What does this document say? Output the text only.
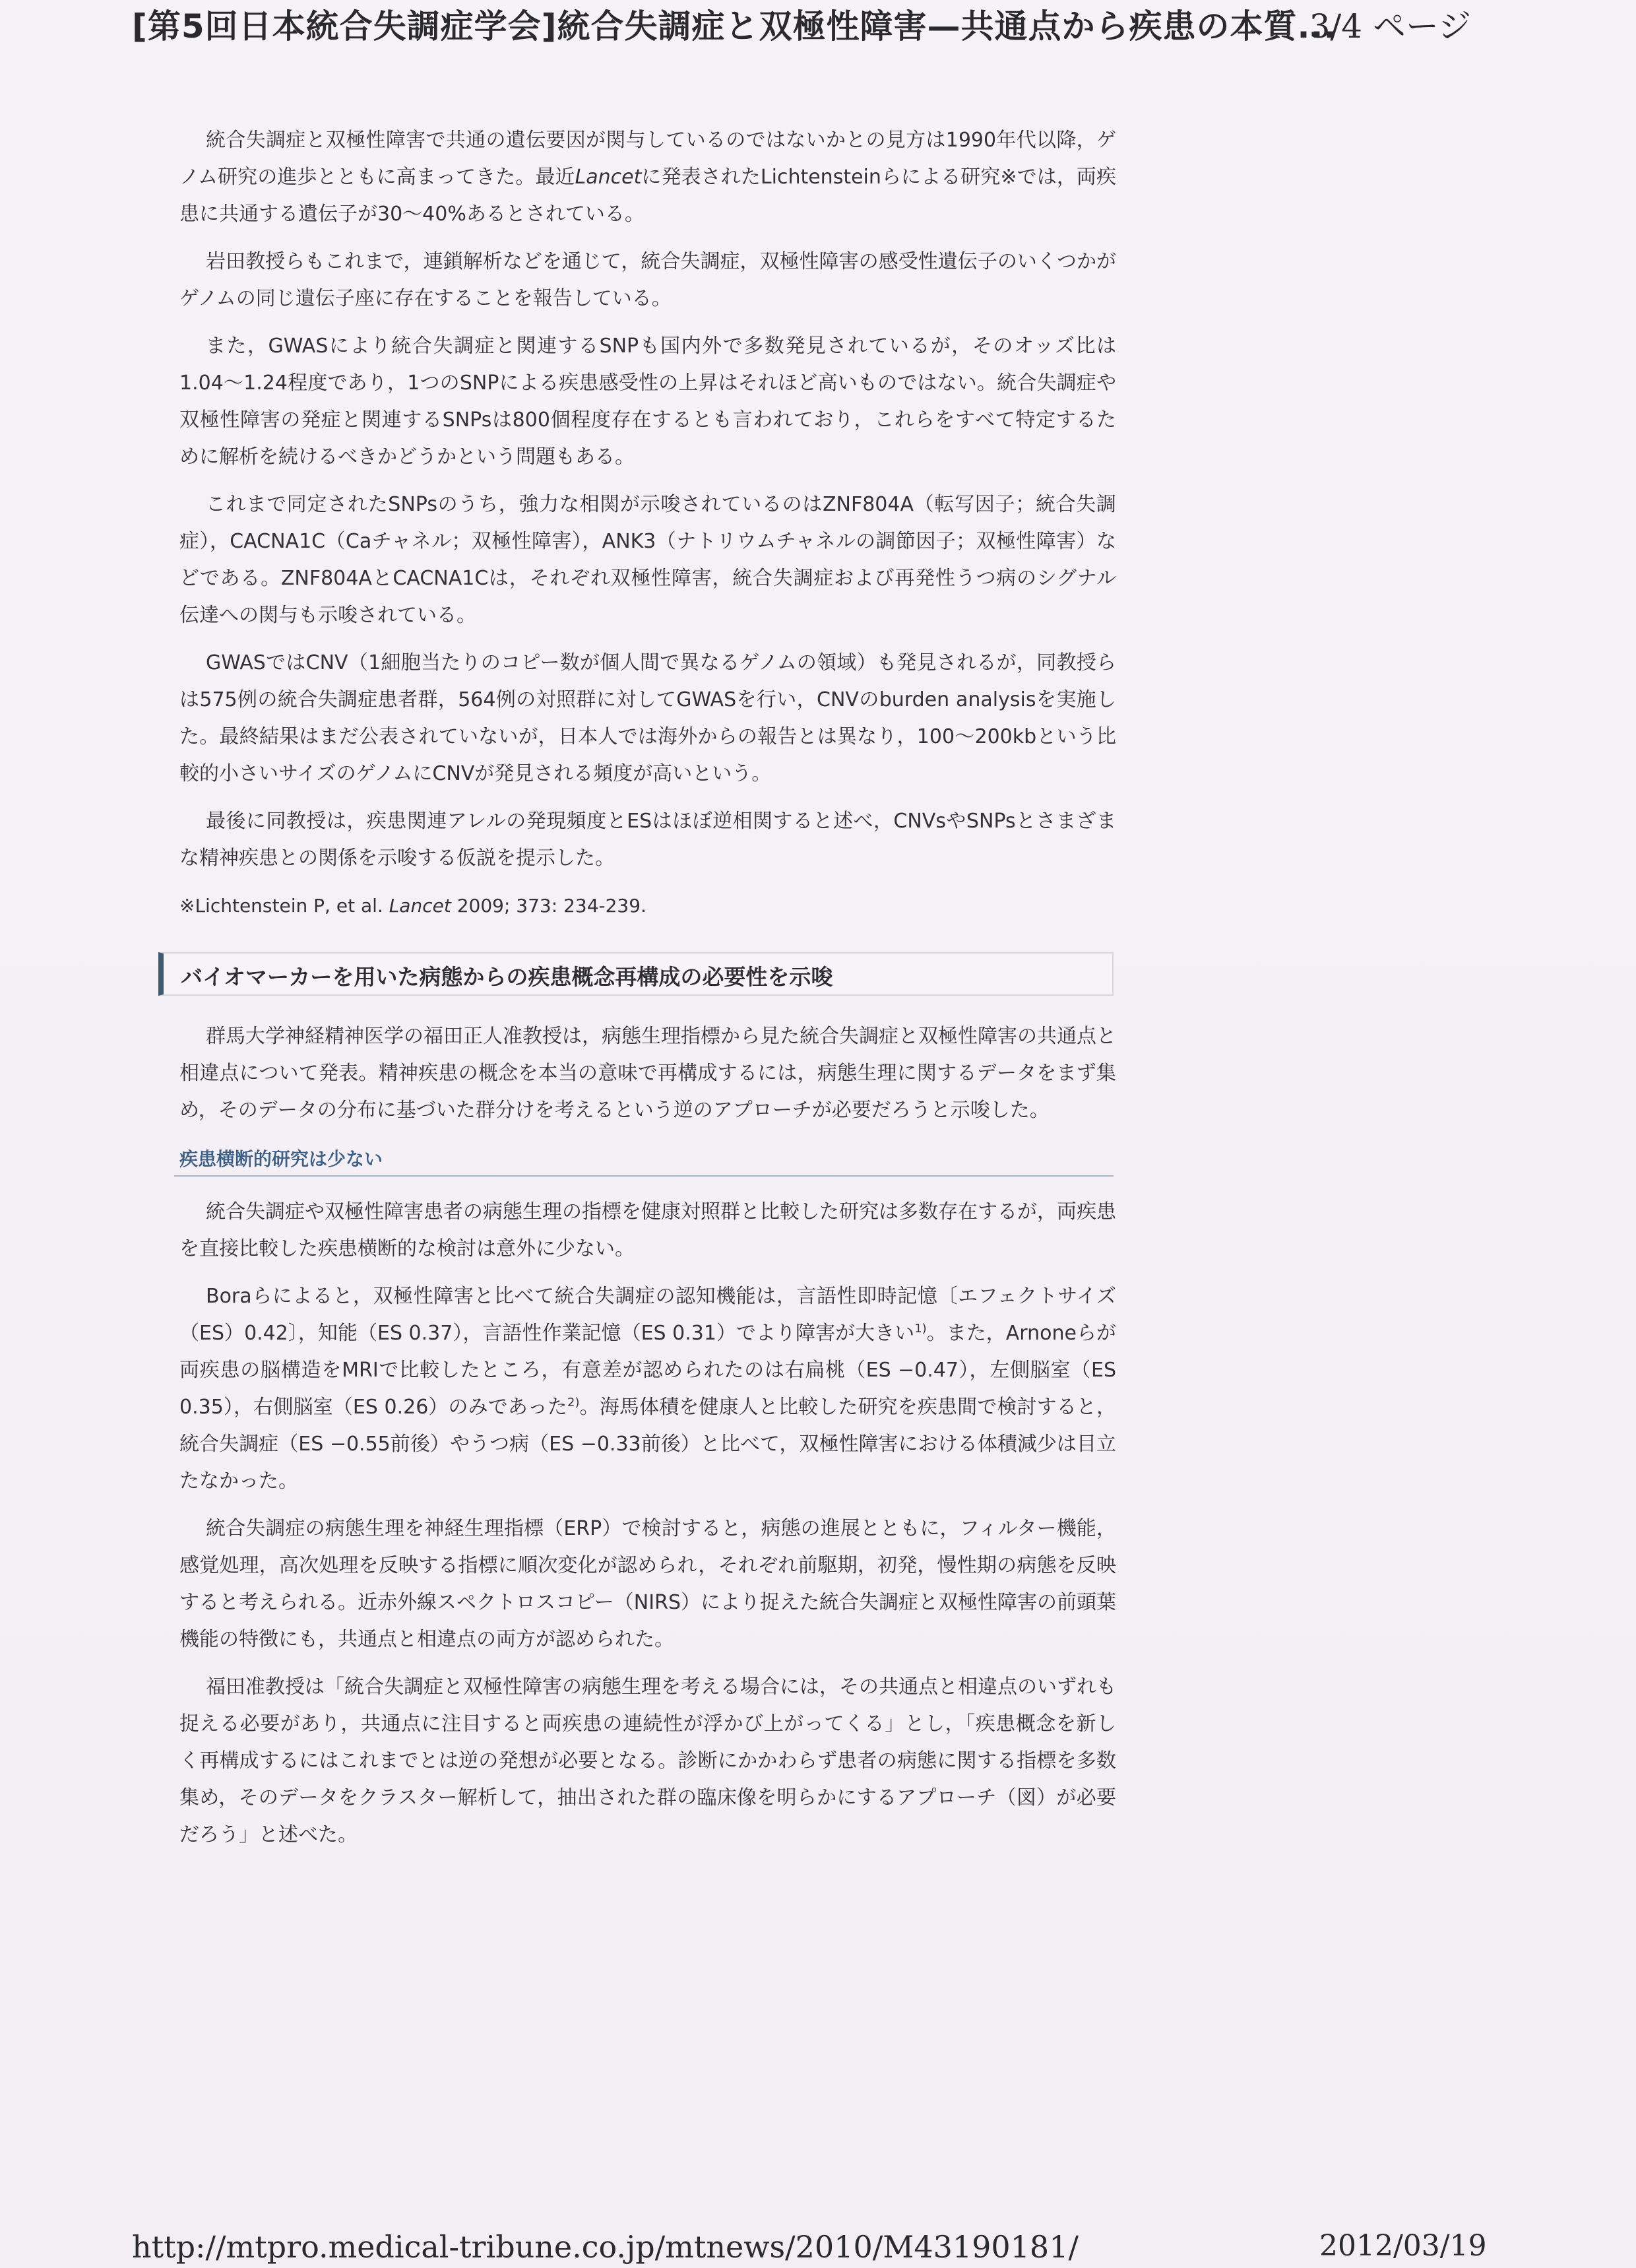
[第5回日本統合失調症学会]統合失調症と双極性障害—共通点から疾患の本質...
3/4 ページ

統合失調症と双極性障害で共通の遺伝要因が関与しているのではないかとの見方は1990年代以降，ゲノム研究の進歩とともに高まってきた。最近Lancetに発表されたLichtensteinらによる研究※では，両疾患に共通する遺伝子が30〜40%あるとされている。

岩田教授らもこれまで，連鎖解析などを通じて，統合失調症，双極性障害の感受性遺伝子のいくつかがゲノムの同じ遺伝子座に存在することを報告している。

また，GWASにより統合失調症と関連するSNPも国内外で多数発見されているが，そのオッズ比は1.04〜1.24程度であり，1つのSNPによる疾患感受性の上昇はそれほど高いものではない。統合失調症や双極性障害の発症と関連するSNPsは800個程度存在するとも言われており，これらをすべて特定するために解析を続けるべきかどうかという問題もある。

これまで同定されたSNPsのうち，強力な相関が示唆されているのはZNF804A（転写因子；統合失調症），CACNA1C（Caチャネル；双極性障害），ANK3（ナトリウムチャネルの調節因子；双極性障害）などである。ZNF804AとCACNA1Cは，それぞれ双極性障害，統合失調症および再発性うつ病のシグナル伝達への関与も示唆されている。

GWASではCNV（1細胞当たりのコピー数が個人間で異なるゲノムの領域）も発見されるが，同教授らは575例の統合失調症患者群，564例の対照群に対してGWASを行い，CNVのburden analysisを実施した。最終結果はまだ公表されていないが，日本人では海外からの報告とは異なり，100〜200kbという比較的小さいサイズのゲノムにCNVが発見される頻度が高いという。

最後に同教授は，疾患関連アレルの発現頻度とESはほぼ逆相関すると述べ，CNVsやSNPsとさまざまな精神疾患との関係を示唆する仮説を提示した。

※Lichtenstein P, et al. Lancet 2009; 373: 234-239.

バイオマーカーを用いた病態からの疾患概念再構成の必要性を示唆

群馬大学神経精神医学の福田正人准教授は，病態生理指標から見た統合失調症と双極性障害の共通点と相違点について発表。精神疾患の概念を本当の意味で再構成するには，病態生理に関するデータをまず集め，そのデータの分布に基づいた群分けを考えるという逆のアプローチが必要だろうと示唆した。

疾患横断的研究は少ない

統合失調症や双極性障害患者の病態生理の指標を健康対照群と比較した研究は多数存在するが，両疾患を直接比較した疾患横断的な検討は意外に少ない。

Boraらによると，双極性障害と比べて統合失調症の認知機能は，言語性即時記憶〔エフェクトサイズ（ES）0.42〕，知能（ES 0.37），言語性作業記憶（ES 0.31）でより障害が大きい$^{1)}$。また，Arnoneらが両疾患の脳構造をMRIで比較したところ，有意差が認められたのは右扁桃（ES −0.47），左側脳室（ES 0.35），右側脳室（ES 0.26）のみであった$^{2)}$。海馬体積を健康人と比較した研究を疾患間で検討すると，統合失調症（ES −0.55前後）やうつ病（ES −0.33前後）と比べて，双極性障害における体積減少は目立たなかった。

統合失調症の病態生理を神経生理指標（ERP）で検討すると，病態の進展とともに，フィルター機能，感覚処理，高次処理を反映する指標に順次変化が認められ，それぞれ前駆期，初発，慢性期の病態を反映すると考えられる。近赤外線スペクトロスコピー（NIRS）により捉えた統合失調症と双極性障害の前頭葉機能の特徴にも，共通点と相違点の両方が認められた。

福田准教授は「統合失調症と双極性障害の病態生理を考える場合には，その共通点と相違点のいずれも捉える必要があり，共通点に注目すると両疾患の連続性が浮かび上がってくる」とし，「疾患概念を新しく再構成するにはこれまでとは逆の発想が必要となる。診断にかかわらず患者の病態に関する指標を多数集め，そのデータをクラスター解析して，抽出された群の臨床像を明らかにするアプローチ（図）が必要だろう」と述べた。

http://mtpro.medical-tribune.co.jp/mtnews/2010/M43190181/	2012/03/19
